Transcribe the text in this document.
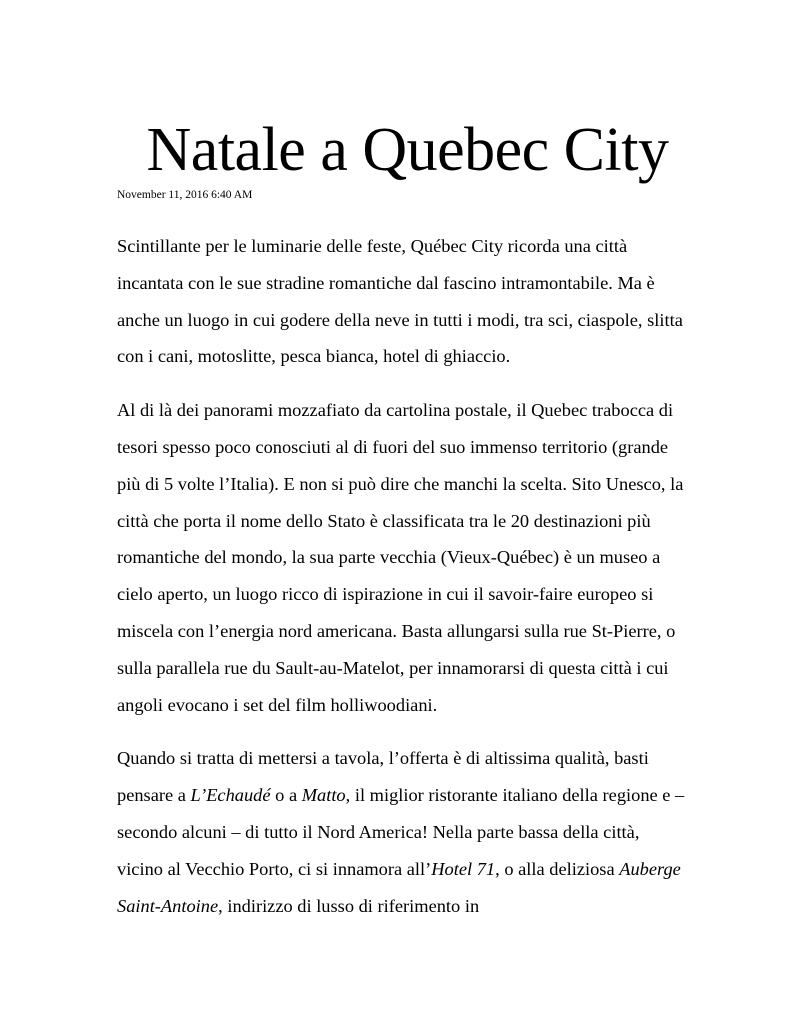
Natale a Quebec City
November 11, 2016 6:40 AM

Scintillante per le luminarie delle feste, Québec City ricorda una città incantata con le sue stradine romantiche dal fascino intramontabile. Ma è anche un luogo in cui godere della neve in tutti i modi, tra sci, ciaspole, slitta con i cani, motoslitte, pesca bianca, hotel di ghiaccio.

Al di là dei panorami mozzafiato da cartolina postale, il Quebec trabocca di tesori spesso poco conosciuti al di fuori del suo immenso territorio (grande più di 5 volte l’Italia). E non si può dire che manchi la scelta. Sito Unesco, la città che porta il nome dello Stato è classificata tra le 20 destinazioni più romantiche del mondo, la sua parte vecchia (Vieux-Québec) è un museo a cielo aperto, un luogo ricco di ispirazione in cui il savoir-faire europeo si miscela con l’energia nord americana. Basta allungarsi sulla rue St-Pierre, o sulla parallela rue du Sault-au-Matelot, per innamorarsi di questa città i cui angoli evocano i set del film holliwoodiani.

Quando si tratta di mettersi a tavola, l’offerta è di altissima qualità, basti pensare a L’Echaudé o a Matto, il miglior ristorante italiano della regione e – secondo alcuni – di tutto il Nord America! Nella parte bassa della città, vicino al Vecchio Porto, ci si innamora all’Hotel 71, o alla deliziosa Auberge Saint-Antoine, indirizzo di lusso di riferimento in
